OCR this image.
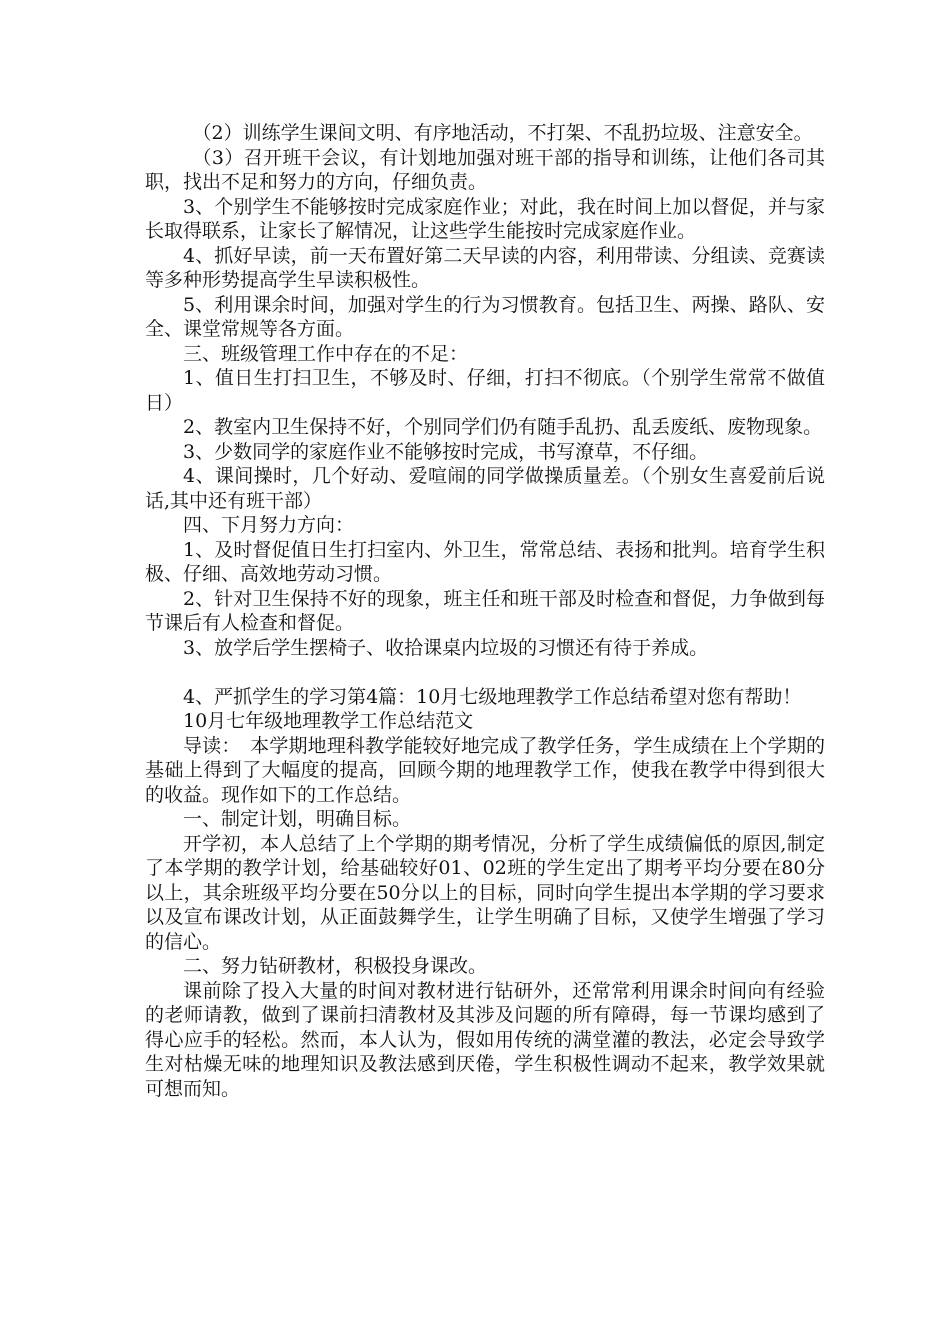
（2）训练学生课间文明、有序地活动，不打架、不乱扔垃圾、注意安全。

（3）召开班干会议，有计划地加强对班干部的指导和训练，让他们各司其职，找出不足和努力的方向，仔细负责。

3、个别学生不能够按时完成家庭作业；对此，我在时间上加以督促，并与家长取得联系，让家长了解情况，让这些学生能按时完成家庭作业。

4、抓好早读，前一天布置好第二天早读的内容，利用带读、分组读、竞赛读等多种形势提高学生早读积极性。

5、利用课余时间，加强对学生的行为习惯教育。包括卫生、两操、路队、安全、课堂常规等各方面。

三、班级管理工作中存在的不足：

1、值日生打扫卫生，不够及时、仔细，打扫不彻底。（个别学生常常不做值日）

2、教室内卫生保持不好，个别同学们仍有随手乱扔、乱丢废纸、废物现象。

3、少数同学的家庭作业不能够按时完成，书写潦草，不仔细。

4、课间操时，几个好动、爱喧闹的同学做操质量差。（个别女生喜爱前后说话,其中还有班干部）

四、下月努力方向：

1、及时督促值日生打扫室内、外卫生，常常总结、表扬和批判。培育学生积极、仔细、高效地劳动习惯。

2、针对卫生保持不好的现象，班主任和班干部及时检查和督促，力争做到每节课后有人检查和督促。

3、放学后学生摆椅子、收拾课桌内垃圾的习惯还有待于养成。

4、严抓学生的学习第4篇：10月七级地理教学工作总结希望对您有帮助！

10月七年级地理教学工作总结范文

导读：　本学期地理科教学能较好地完成了教学任务，学生成绩在上个学期的基础上得到了大幅度的提高，回顾今期的地理教学工作，使我在教学中得到很大的收益。现作如下的工作总结。

一、制定计划，明确目标。

开学初，本人总结了上个学期的期考情况，分析了学生成绩偏低的原因,制定了本学期的教学计划，给基础较好01、02班的学生定出了期考平均分要在80分以上，其余班级平均分要在50分以上的目标，同时向学生提出本学期的学习要求以及宣布课改计划，从正面鼓舞学生，让学生明确了目标，又使学生增强了学习的信心。

二、努力钻研教材，积极投身课改。

课前除了投入大量的时间对教材进行钻研外，还常常利用课余时间向有经验的老师请教，做到了课前扫清教材及其涉及问题的所有障碍，每一节课均感到了得心应手的轻松。然而，本人认为，假如用传统的满堂灌的教法，必定会导致学生对枯燥无味的地理知识及教法感到厌倦，学生积极性调动不起来，教学效果就可想而知。
